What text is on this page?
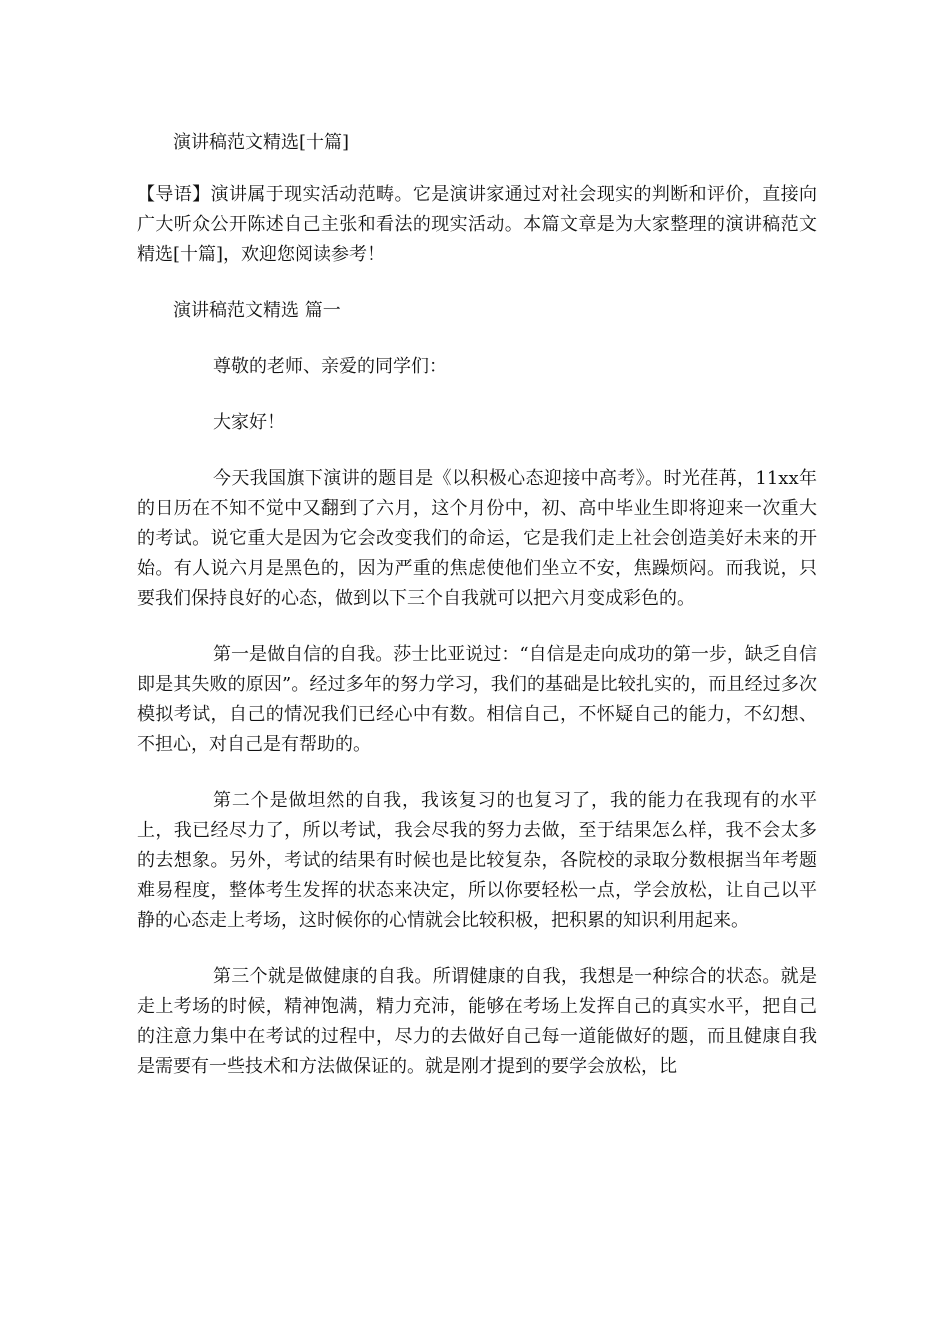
演讲稿范文精选[十篇]

【导语】演讲属于现实活动范畴。它是演讲家通过对社会现实的判断和评价，直接向广大听众公开陈述自己主张和看法的现实活动。本篇文章是为大家整理的演讲稿范文精选[十篇]，欢迎您阅读参考！

演讲稿范文精选 篇一

尊敬的老师、亲爱的同学们：

大家好！

今天我国旗下演讲的题目是《以积极心态迎接中高考》。时光荏苒，11xx年的日历在不知不觉中又翻到了六月，这个月份中，初、高中毕业生即将迎来一次重大的考试。说它重大是因为它会改变我们的命运，它是我们走上社会创造美好未来的开始。有人说六月是黑色的，因为严重的焦虑使他们坐立不安，焦躁烦闷。而我说，只要我们保持良好的心态，做到以下三个自我就可以把六月变成彩色的。

第一是做自信的自我。莎士比亚说过：“自信是走向成功的第一步，缺乏自信即是其失败的原因”。经过多年的努力学习，我们的基础是比较扎实的，而且经过多次模拟考试，自己的情况我们已经心中有数。相信自己，不怀疑自己的能力，不幻想、不担心，对自己是有帮助的。

第二个是做坦然的自我，我该复习的也复习了，我的能力在我现有的水平上，我已经尽力了，所以考试，我会尽我的努力去做，至于结果怎么样，我不会太多的去想象。另外，考试的结果有时候也是比较复杂，各院校的录取分数根据当年考题难易程度，整体考生发挥的状态来决定，所以你要轻松一点，学会放松，让自己以平静的心态走上考场，这时候你的心情就会比较积极，把积累的知识利用起来。

第三个就是做健康的自我。所谓健康的自我，我想是一种综合的状态。就是走上考场的时候，精神饱满，精力充沛，能够在考场上发挥自己的真实水平，把自己的注意力集中在考试的过程中，尽力的去做好自己每一道能做好的题，而且健康自我是需要有一些技术和方法做保证的。就是刚才提到的要学会放松，比
